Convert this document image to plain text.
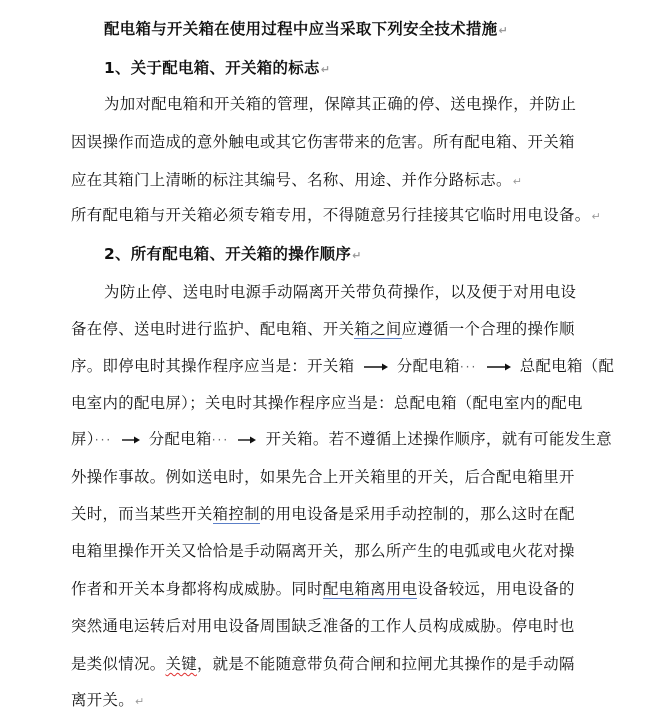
配电箱与开关箱在使用过程中应当采取下列安全技术措施↵
1、关于配电箱、开关箱的标志↵
为加对配电箱和开关箱的管理，保障其正确的停、送电操作，并防止
因误操作而造成的意外触电或其它伤害带来的危害。所有配电箱、开关箱
应在其箱门上清晰的标注其编号、名称、用途、并作分路标志。↵
所有配电箱与开关箱必须专箱专用，不得随意另行挂接其它临时用电设备。↵
2、所有配电箱、开关箱的操作顺序↵
为防止停、送电时电源手动隔离开关带负荷操作，以及便于对用电设
备在停、送电时进行监护、配电箱、开关箱之间应遵循一个合理的操作顺
序。即停电时其操作程序应当是：开关箱	分配电箱···	总配电箱（配
电室内的配电屏）；关电时其操作程序应当是：总配电箱（配电室内的配电
屏）··· 分配电箱··· 开关箱。若不遵循上述操作顺序，就有可能发生意
外操作事故。例如送电时，如果先合上开关箱里的开关，后合配电箱里开
关时，而当某些开关箱控制的用电设备是采用手动控制的，那么这时在配
电箱里操作开关又恰恰是手动隔离开关，那么所产生的电弧或电火花对操
作者和开关本身都将构成威胁。同时配电箱离用电设备较远，用电设备的
突然通电运转后对用电设备周围缺乏准备的工作人员构成威胁。停电时也
是类似情况。关键，就是不能随意带负荷合闸和拉闸尤其操作的是手动隔
离开关。↵
